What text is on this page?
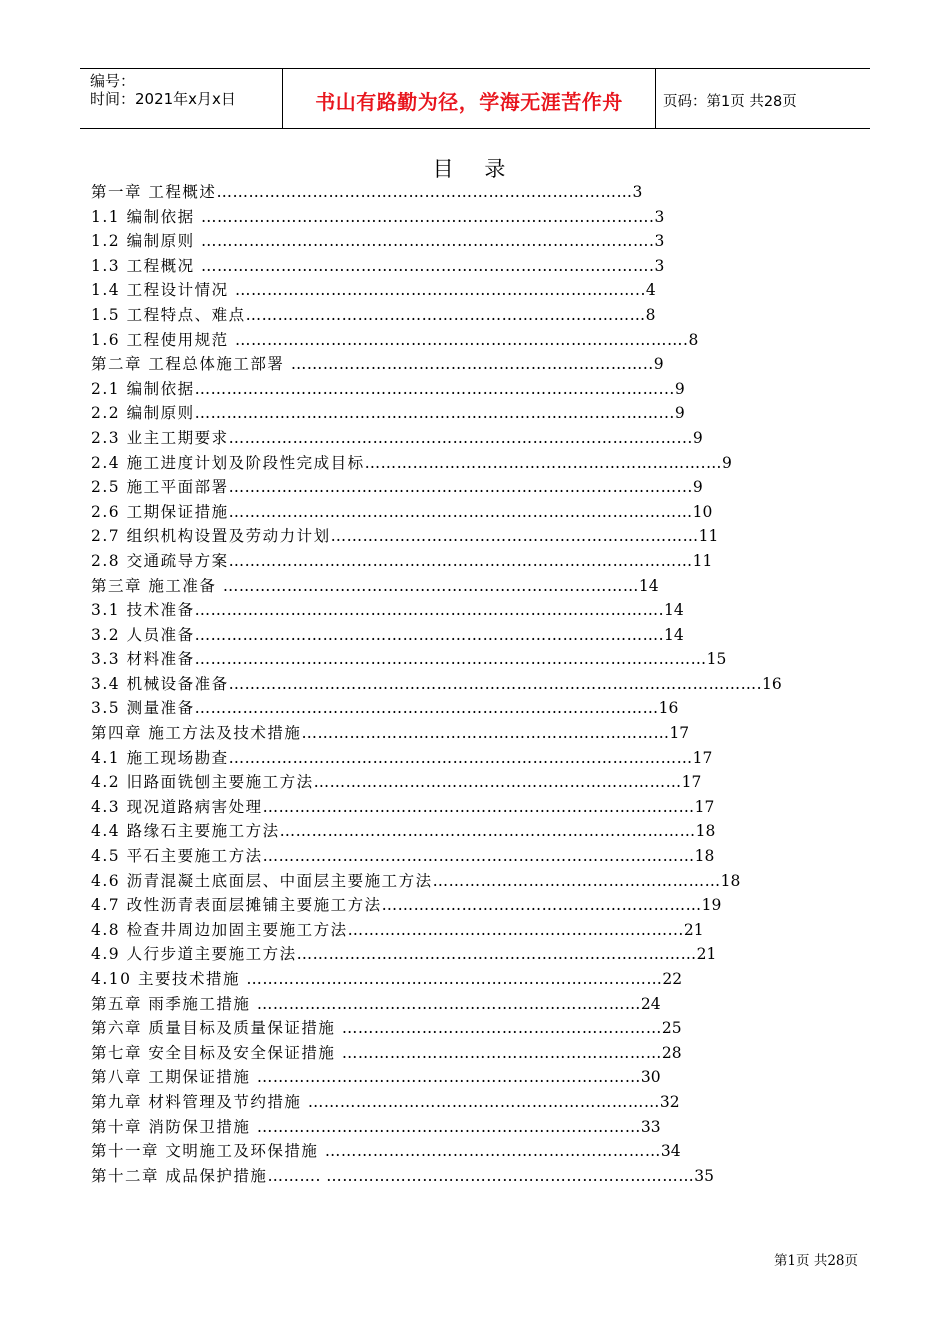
编号：
时间：2021年x月x日	书山有路勤为径，学海无涯苦作舟	页码：第1页 共28页
目 录
第一章 工程概述……………………………………………………………………3
1.1 编制依据 ………………………………………………………………………….3
1.2 编制原则 ………………………………………………………………………….3
1.3 工程概况 ………………………………………………………………………….3
1.4 工程设计情况 …………………………………………………………………..4
1.5 工程特点、难点…………………………………………………………………8
1.6 工程使用规范 ………………………………………………………………………….8
第二章 工程总体施工部署 …………………………………………………………..9
2.1 编制依据……………………………………………………………………………...9
2.2 编制原则……………………………………………………………………………...9
2.3 业主工期要求…………………………………………………………………………...9
2.4 施工进度计划及阶段性完成目标……………………………………………………….…9
2.5 施工平面部署…………………………………………………………………………...9
2.6 工期保证措施……………………………………………………………………………10
2.7 组织机构设置及劳动力计划……………………………………………………………11
2.8 交通疏导方案……………………………………………………………………………11
第三章 施工准备 ……………………………………………………………………14
3.1 技术准备…………………………………………………………………………….14
3.2 人员准备…………………………………………………………………………….14
3.3 材料准备……………………………………………………………………………………15
3.4 机械设备准备……………………………………………………………………………………….16
3.5 测量准备……………………………………………………………………………16
第四章 施工方法及技术措施……………………………………………………………17
4.1 施工现场勘查……………………………………………………………………………17
4.2 旧路面铣刨主要施工方法……………………………………………………………17
4.3 现况道路病害处理………………………………………………………………………17
4.4 路缘石主要施工方法……………………………………………………………………18
4.5 平石主要施工方法………………………………………………………………………18
4.6 沥青混凝土底面层、中面层主要施工方法………………………………………………18
4.7 改性沥青表面层摊铺主要施工方法……………………………………………………19
4.8 检查井周边加固主要施工方法……………………………………………………...21
4.9 人行步道主要施工方法…………………………………………………………………21
4.10 主要技术措施 ……………………………………………………………………22
第五章 雨季施工措施 ………………………………………………………………24
第六章 质量目标及质量保证措施 ……………………………………………………25
第七章 安全目标及安全保证措施 ……………………………………………………28
第八章 工期保证措施 ………………………………………………………………30
第九章 材料管理及节约措施 …………………………………………………………32
第十章 消防保卫措施 ………………………………………………………………33
第十一章 文明施工及环保措施 ………………………………………………………34
第十二章 成品保护措施………. ……………………………………………………………35
第1页 共28页
